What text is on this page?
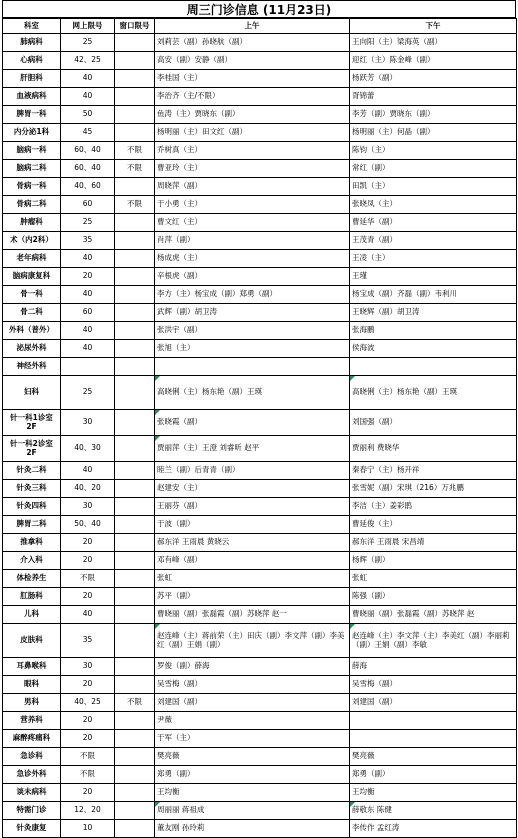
周三门诊信息 (11月23日)
科室	网上限号	窗口限号	上午	下午
肺病科	25		刘莉芸（副）孙晓航（副）	王向阳（主）梁海英（副）
心病科	42、25		高安（副）安静（副）	迎红（主）陈金峰（副）
肝胆科	40		李桂国（主）	杨跃芳（副）
血液病科	40		李治齐（主/不限）	胥锦蕾
脾胃一科	50		鱼涛（主）贾晓东（副）	李芳（副）贾晓东（副）
内分泌1科	45		杨明丽（主）田文红（副）	杨明丽（主）何晶（副）
脑病一科	60、40	不限	乔树真（主）	陈钧（主）
脑病二科	60、40	不限	曹亚玲（主）	常红（副）
骨病一科	40、60		周晓萍（副）	田凯（主）
骨病二科	60	不限	于小勇（主）	张晓凤（主）
肿瘤科	25		曹文红（主）	曹延华（副）
术（内2科）	35		肖萍（副）	王茂青（副）
老年病科	40		杨成虎（主）	王凌（主）
脑病康复科	20		辛根虎（副）	王瑾
骨一科	40		李方（主）杨宝成（副）郑勇（副）	杨宝成（副）齐磊（副）韦利川
骨二科	60		武辉（副）胡卫涛	王晓辉（副）胡卫涛
外科（普外）	40		张洪宇（副）	张海鹏
泌尿外科	40		张旭（主）	侯海波
神经外科				
妇科	25		高晓俐（主）杨东艳（副）王瑛	高晓俐（主）杨东艳（副）王瑛
针一科1诊室 2F	30		张晓霞（副）	刘国强（副）
针一科2诊室 2F	40、30		贾丽萍（主）王澄 刘睿昕 赵平	贾丽利 费晓华
针灸二科	40		睦兰（副）后青青（副）	秦春宁（主）杨开祥
针灸三科	40、20		赵建安（主）	张雪妮（副）宋琪（216）万兆鹏
针灸四科	30		王丽芬（副）	李洁（主）姜彩鹃
脾胃二科	50、40		于波（副）	曹延俊（主）
推拿科	20		郝东洋 王雨晨 黄晓云	郝东洋 王雨晨 宋昌靖
介入科	20		邓有峰（副）	杨辉（副）
体检养生	不限		张虹	张虹
肛肠科	20		苏平（副）	陈强（副）
儿科	40		曹晓丽（副）张磊霞（副）苏晓萍 赵一	曹晓丽（副）张磊霞（副）苏晓萍 赵
皮肤科	35		赵连峰（主）蒋前荣（主）田庆（副）李文萍（副）李美红（副）王娟（副）	赵连峰（主）李文萍（主）李美红（副）李丽莉（副）王娟（副）李敏
耳鼻喉科	30		罗俊（副）薛海	薛海
眼科	20		吴雪梅（副）	吴雪梅（副）
男科	40、25	不限	刘建国（副）	刘建国（副）
营养科	20		尹薇	
麻醉疼痛科	20		于军（主）	
急诊科	不限		樊亮薇	樊亮薇
急诊外科	不限		郑勇（副）	郑勇（副）
谈未病科	20		王均衡	王均衡
特需门诊	12、20		周丽丽 蒋祖成	薛敬东 陈健
针灸康复	10		董友刚 孙玲莉	李传作 孟红涛
